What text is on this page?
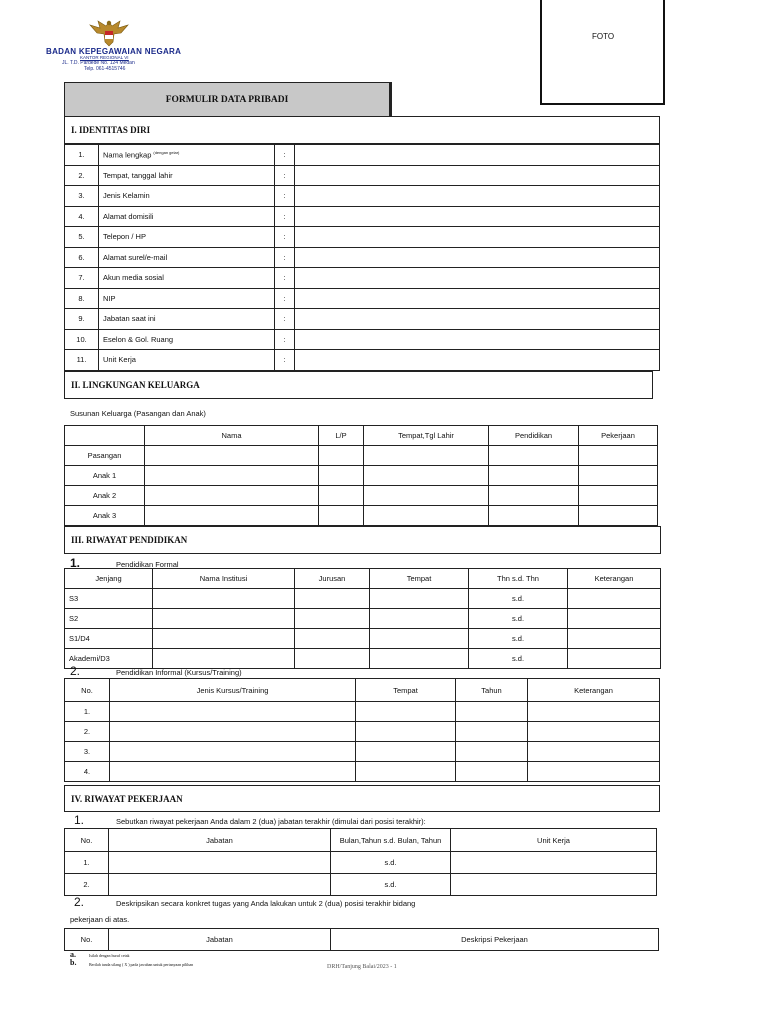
BADAN KEPEGAWAIAN NEGARA
KANTOR REGIONAL VI
JL. T.D. Pardede No. 124 Medan
Telp. 061-4515746
FOTO
FORMULIR DATA PRIBADI
I. IDENTITAS DIRI
1.	Nama lengkap $^{(dengan gelar)}$	:	
2.	Tempat, tanggal lahir	:	
3.	Jenis Kelamin	:	
4.	Alamat domisili	:	
5.	Telepon / HP	:	
6.	Alamat surel/e-mail	:	
7.	Akun media sosial	:	
8.	NIP	:	
9.	Jabatan saat ini	:	
10.	Eselon & Gol. Ruang	:	
11.	Unit Kerja	:	
II. LINGKUNGAN KELUARGA
Susunan Keluarga (Pasangan dan Anak)
	Nama	L/P	Tempat,Tgl Lahir	Pendidikan	Pekerjaan
Pasangan					
Anak 1					
Anak 2					
Anak 3					
III. RIWAYAT PENDIDIKAN
1.	Pendidikan Formal
Jenjang	Nama Institusi	Jurusan	Tempat	Thn s.d. Thn	Keterangan
S3				s.d.	
S2				s.d.	
S1/D4				s.d.	
Akademi/D3				s.d.	
2.	Pendidikan Informal (Kursus/Training)
No.	Jenis Kursus/Training	Tempat	Tahun	Keterangan
1.				
2.				
3.				
4.				
IV. RIWAYAT PEKERJAAN
1.	Sebutkan riwayat pekerjaan Anda dalam 2 (dua) jabatan terakhir (dimulai dari posisi terakhir):
No.	Jabatan	Bulan,Tahun s.d. Bulan, Tahun	Unit Kerja
1.		s.d.	
2.		s.d.	
2.	Deskripsikan secara konkret tugas yang Anda lakukan untuk 2 (dua) posisi terakhir bidang
pekerjaan di atas.
No.	Jabatan	Deskripsi Pekerjaan
a.	Isilah dengan huruf cetak
b.	Berilah tanda silang ( X ) pada jawaban untuk pertanyaan pilihan	DRH/Tanjung Balai/2023 - 1
